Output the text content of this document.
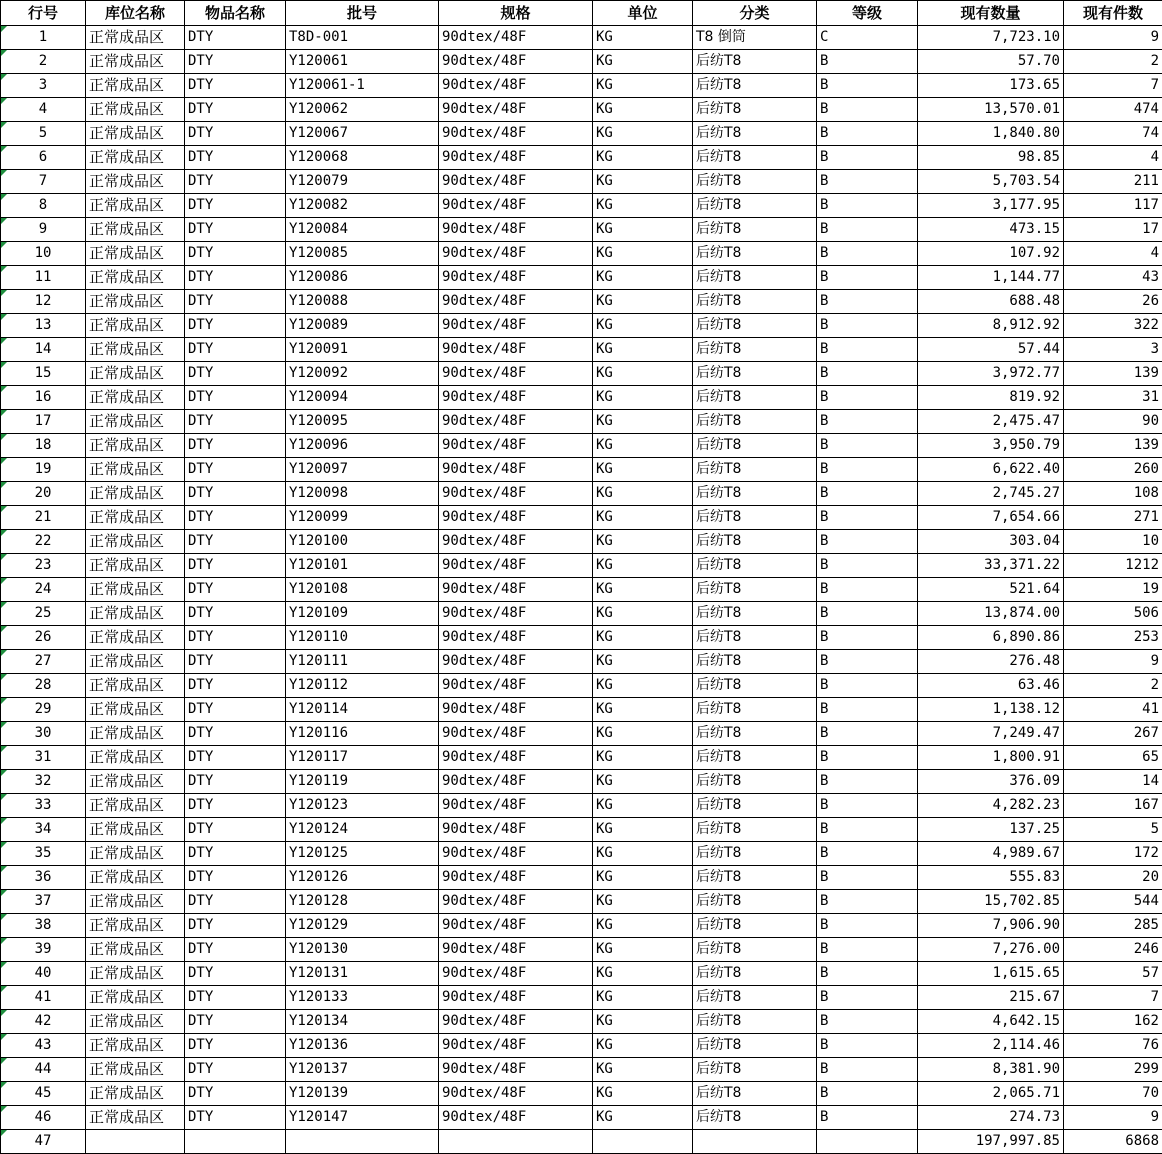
行号	库位名称	物品名称	批号	规格	单位	分类	等级	现有数量	现有件数
1	正常成品区	DTY	T8D-001	90dtex/48F	KG	T8 倒筒	C	7,723.10	9
2	正常成品区	DTY	Y120061	90dtex/48F	KG	后纺T8	B	57.70	2
3	正常成品区	DTY	Y120061-1	90dtex/48F	KG	后纺T8	B	173.65	7
4	正常成品区	DTY	Y120062	90dtex/48F	KG	后纺T8	B	13,570.01	474
5	正常成品区	DTY	Y120067	90dtex/48F	KG	后纺T8	B	1,840.80	74
6	正常成品区	DTY	Y120068	90dtex/48F	KG	后纺T8	B	98.85	4
7	正常成品区	DTY	Y120079	90dtex/48F	KG	后纺T8	B	5,703.54	211
8	正常成品区	DTY	Y120082	90dtex/48F	KG	后纺T8	B	3,177.95	117
9	正常成品区	DTY	Y120084	90dtex/48F	KG	后纺T8	B	473.15	17
10	正常成品区	DTY	Y120085	90dtex/48F	KG	后纺T8	B	107.92	4
11	正常成品区	DTY	Y120086	90dtex/48F	KG	后纺T8	B	1,144.77	43
12	正常成品区	DTY	Y120088	90dtex/48F	KG	后纺T8	B	688.48	26
13	正常成品区	DTY	Y120089	90dtex/48F	KG	后纺T8	B	8,912.92	322
14	正常成品区	DTY	Y120091	90dtex/48F	KG	后纺T8	B	57.44	3
15	正常成品区	DTY	Y120092	90dtex/48F	KG	后纺T8	B	3,972.77	139
16	正常成品区	DTY	Y120094	90dtex/48F	KG	后纺T8	B	819.92	31
17	正常成品区	DTY	Y120095	90dtex/48F	KG	后纺T8	B	2,475.47	90
18	正常成品区	DTY	Y120096	90dtex/48F	KG	后纺T8	B	3,950.79	139
19	正常成品区	DTY	Y120097	90dtex/48F	KG	后纺T8	B	6,622.40	260
20	正常成品区	DTY	Y120098	90dtex/48F	KG	后纺T8	B	2,745.27	108
21	正常成品区	DTY	Y120099	90dtex/48F	KG	后纺T8	B	7,654.66	271
22	正常成品区	DTY	Y120100	90dtex/48F	KG	后纺T8	B	303.04	10
23	正常成品区	DTY	Y120101	90dtex/48F	KG	后纺T8	B	33,371.22	1212
24	正常成品区	DTY	Y120108	90dtex/48F	KG	后纺T8	B	521.64	19
25	正常成品区	DTY	Y120109	90dtex/48F	KG	后纺T8	B	13,874.00	506
26	正常成品区	DTY	Y120110	90dtex/48F	KG	后纺T8	B	6,890.86	253
27	正常成品区	DTY	Y120111	90dtex/48F	KG	后纺T8	B	276.48	9
28	正常成品区	DTY	Y120112	90dtex/48F	KG	后纺T8	B	63.46	2
29	正常成品区	DTY	Y120114	90dtex/48F	KG	后纺T8	B	1,138.12	41
30	正常成品区	DTY	Y120116	90dtex/48F	KG	后纺T8	B	7,249.47	267
31	正常成品区	DTY	Y120117	90dtex/48F	KG	后纺T8	B	1,800.91	65
32	正常成品区	DTY	Y120119	90dtex/48F	KG	后纺T8	B	376.09	14
33	正常成品区	DTY	Y120123	90dtex/48F	KG	后纺T8	B	4,282.23	167
34	正常成品区	DTY	Y120124	90dtex/48F	KG	后纺T8	B	137.25	5
35	正常成品区	DTY	Y120125	90dtex/48F	KG	后纺T8	B	4,989.67	172
36	正常成品区	DTY	Y120126	90dtex/48F	KG	后纺T8	B	555.83	20
37	正常成品区	DTY	Y120128	90dtex/48F	KG	后纺T8	B	15,702.85	544
38	正常成品区	DTY	Y120129	90dtex/48F	KG	后纺T8	B	7,906.90	285
39	正常成品区	DTY	Y120130	90dtex/48F	KG	后纺T8	B	7,276.00	246
40	正常成品区	DTY	Y120131	90dtex/48F	KG	后纺T8	B	1,615.65	57
41	正常成品区	DTY	Y120133	90dtex/48F	KG	后纺T8	B	215.67	7
42	正常成品区	DTY	Y120134	90dtex/48F	KG	后纺T8	B	4,642.15	162
43	正常成品区	DTY	Y120136	90dtex/48F	KG	后纺T8	B	2,114.46	76
44	正常成品区	DTY	Y120137	90dtex/48F	KG	后纺T8	B	8,381.90	299
45	正常成品区	DTY	Y120139	90dtex/48F	KG	后纺T8	B	2,065.71	70
46	正常成品区	DTY	Y120147	90dtex/48F	KG	后纺T8	B	274.73	9
47								197,997.85	6868
